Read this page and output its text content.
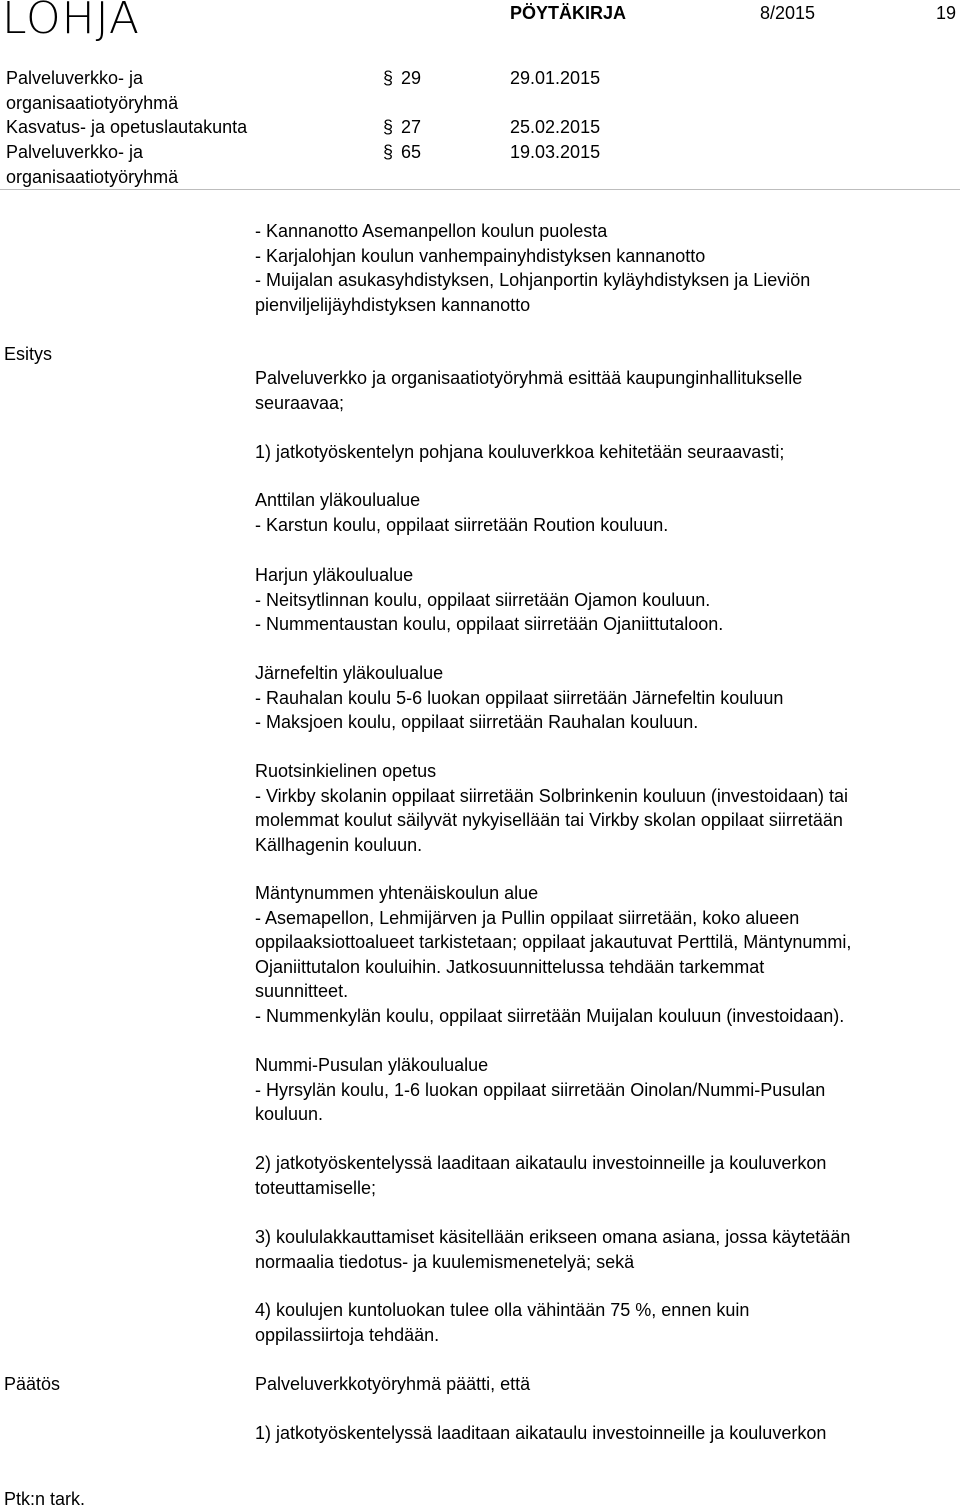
LOHJA	PÖYTÄKIRJA	8/2015	19
Palveluverkko- ja
organisaatiotyöryhmä
§ 29	29.01.2015
Kasvatus- ja opetuslautakunta	§ 27	25.02.2015
Palveluverkko- ja
organisaatiotyöryhmä
§ 65	19.03.2015
- Kannanotto Asemanpellon koulun puolesta
- Karjalohjan koulun vanhempainyhdistyksen kannanotto
- Muijalan asukasyhdistyksen, Lohjanportin kyläyhdistyksen ja Lieviön
pienviljelijäyhdistyksen kannanotto
Esitys
Päätös
Ptk:n tark.
Palveluverkko ja organisaatiotyöryhmä esittää kaupunginhallitukselle
seuraavaa;
1) jatkotyöskentelyn pohjana kouluverkkoa kehitetään seuraavasti;
Anttilan yläkoulualue
- Karstun koulu, oppilaat siirretään Roution kouluun.
Harjun yläkoulualue
- Neitsytlinnan koulu, oppilaat siirretään Ojamon kouluun.
- Nummentaustan koulu, oppilaat siirretään Ojaniittutaloon.
Järnefeltin yläkoulualue
- Rauhalan koulu 5-6 luokan oppilaat siirretään Järnefeltin kouluun
- Maksjoen koulu, oppilaat siirretään Rauhalan kouluun.
Ruotsinkielinen opetus
- Virkby skolanin oppilaat siirretään Solbrinkenin kouluun (investoidaan) tai
molemmat koulut säilyvät nykyisellään tai Virkby skolan oppilaat siirretään
Källhagenin kouluun.
Mäntynummen yhtenäiskoulun alue
- Asemapellon, Lehmijärven ja Pullin oppilaat siirretään, koko alueen
oppilaaksiottoalueet tarkistetaan; oppilaat jakautuvat Perttilä, Mäntynummi,
Ojaniittutalon kouluihin. Jatkosuunnittelussa tehdään tarkemmat
suunnitteet.
- Nummenkylän koulu, oppilaat siirretään Muijalan kouluun (investoidaan).
Nummi-Pusulan yläkoulualue
- Hyrsylän koulu, 1-6 luokan oppilaat siirretään Oinolan/Nummi-Pusulan
kouluun.
2) jatkotyöskentelyssä laaditaan aikataulu investoinneille ja kouluverkon
toteuttamiselle;
3) koululakkauttamiset käsitellään erikseen omana asiana, jossa käytetään
normaalia tiedotus- ja kuulemismenetelyä; sekä
4) koulujen kuntoluokan tulee olla vähintään 75 %, ennen kuin
oppilassiirtoja tehdään.
Palveluverkkotyöryhmä päätti, että
1) jatkotyöskentelyssä laaditaan aikataulu investoinneille ja kouluverkon
